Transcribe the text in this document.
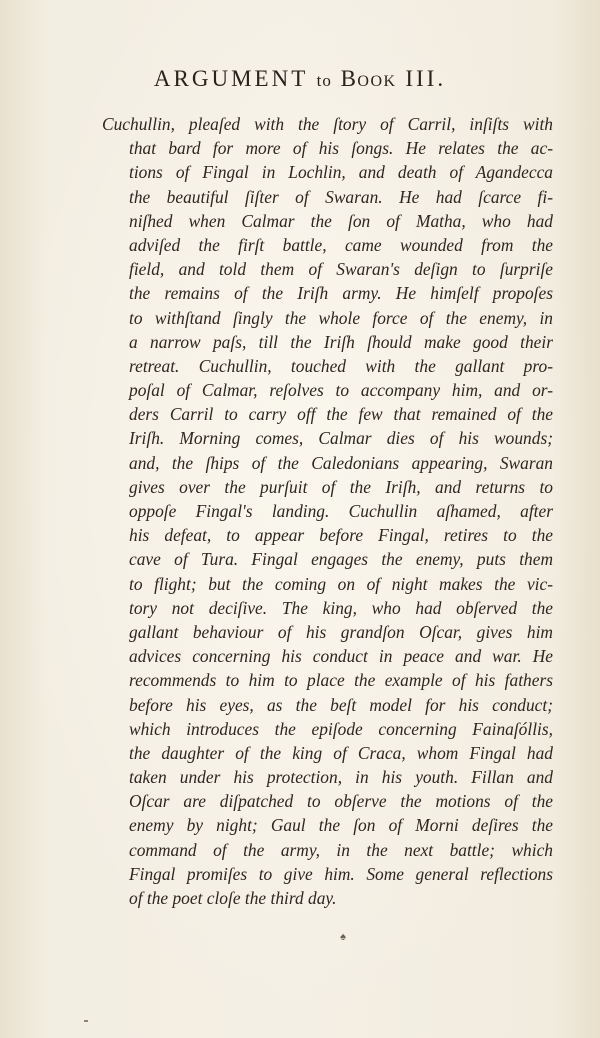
ARGUMENT to Book III.
Cuchullin, pleaſed with the ſtory of Carril, inſiſts with
that bard for more of his ſongs. He relates the ac-
tions of Fingal in Lochlin, and death of Agandecca
the beautiful ſiſter of Swaran. He had ſcarce fi-
niſhed when Calmar the ſon of Matha, who had
adviſed the firſt battle, came wounded from the
field, and told them of Swaran's deſign to ſurpriſe
the remains of the Iriſh army. He himſelf propoſes
to withſtand ſingly the whole force of the enemy, in
a narrow paſs, till the Iriſh ſhould make good their
retreat. Cuchullin, touched with the gallant pro-
poſal of Calmar, reſolves to accompany him, and or-
ders Carril to carry off the few that remained of the
Iriſh. Morning comes, Calmar dies of his wounds;
and, the ſhips of the Caledonians appearing, Swaran
gives over the purſuit of the Iriſh, and returns to
oppoſe Fingal's landing. Cuchullin aſhamed, after
his defeat, to appear before Fingal, retires to the
cave of Tura. Fingal engages the enemy, puts them
to flight; but the coming on of night makes the vic-
tory not deciſive. The king, who had obſerved the
gallant behaviour of his grandſon Oſcar, gives him
advices concerning his conduct in peace and war. He
recommends to him to place the example of his fathers
before his eyes, as the beſt model for his conduct;
which introduces the epiſode concerning Fainaſóllis,
the daughter of the king of Craca, whom Fingal had
taken under his protection, in his youth. Fillan and
Oſcar are diſpatched to obſerve the motions of the
enemy by night; Gaul the ſon of Morni deſires the
command of the army, in the next battle; which
Fingal promiſes to give him. Some general reflections
of the poet cloſe the third day.
♠
